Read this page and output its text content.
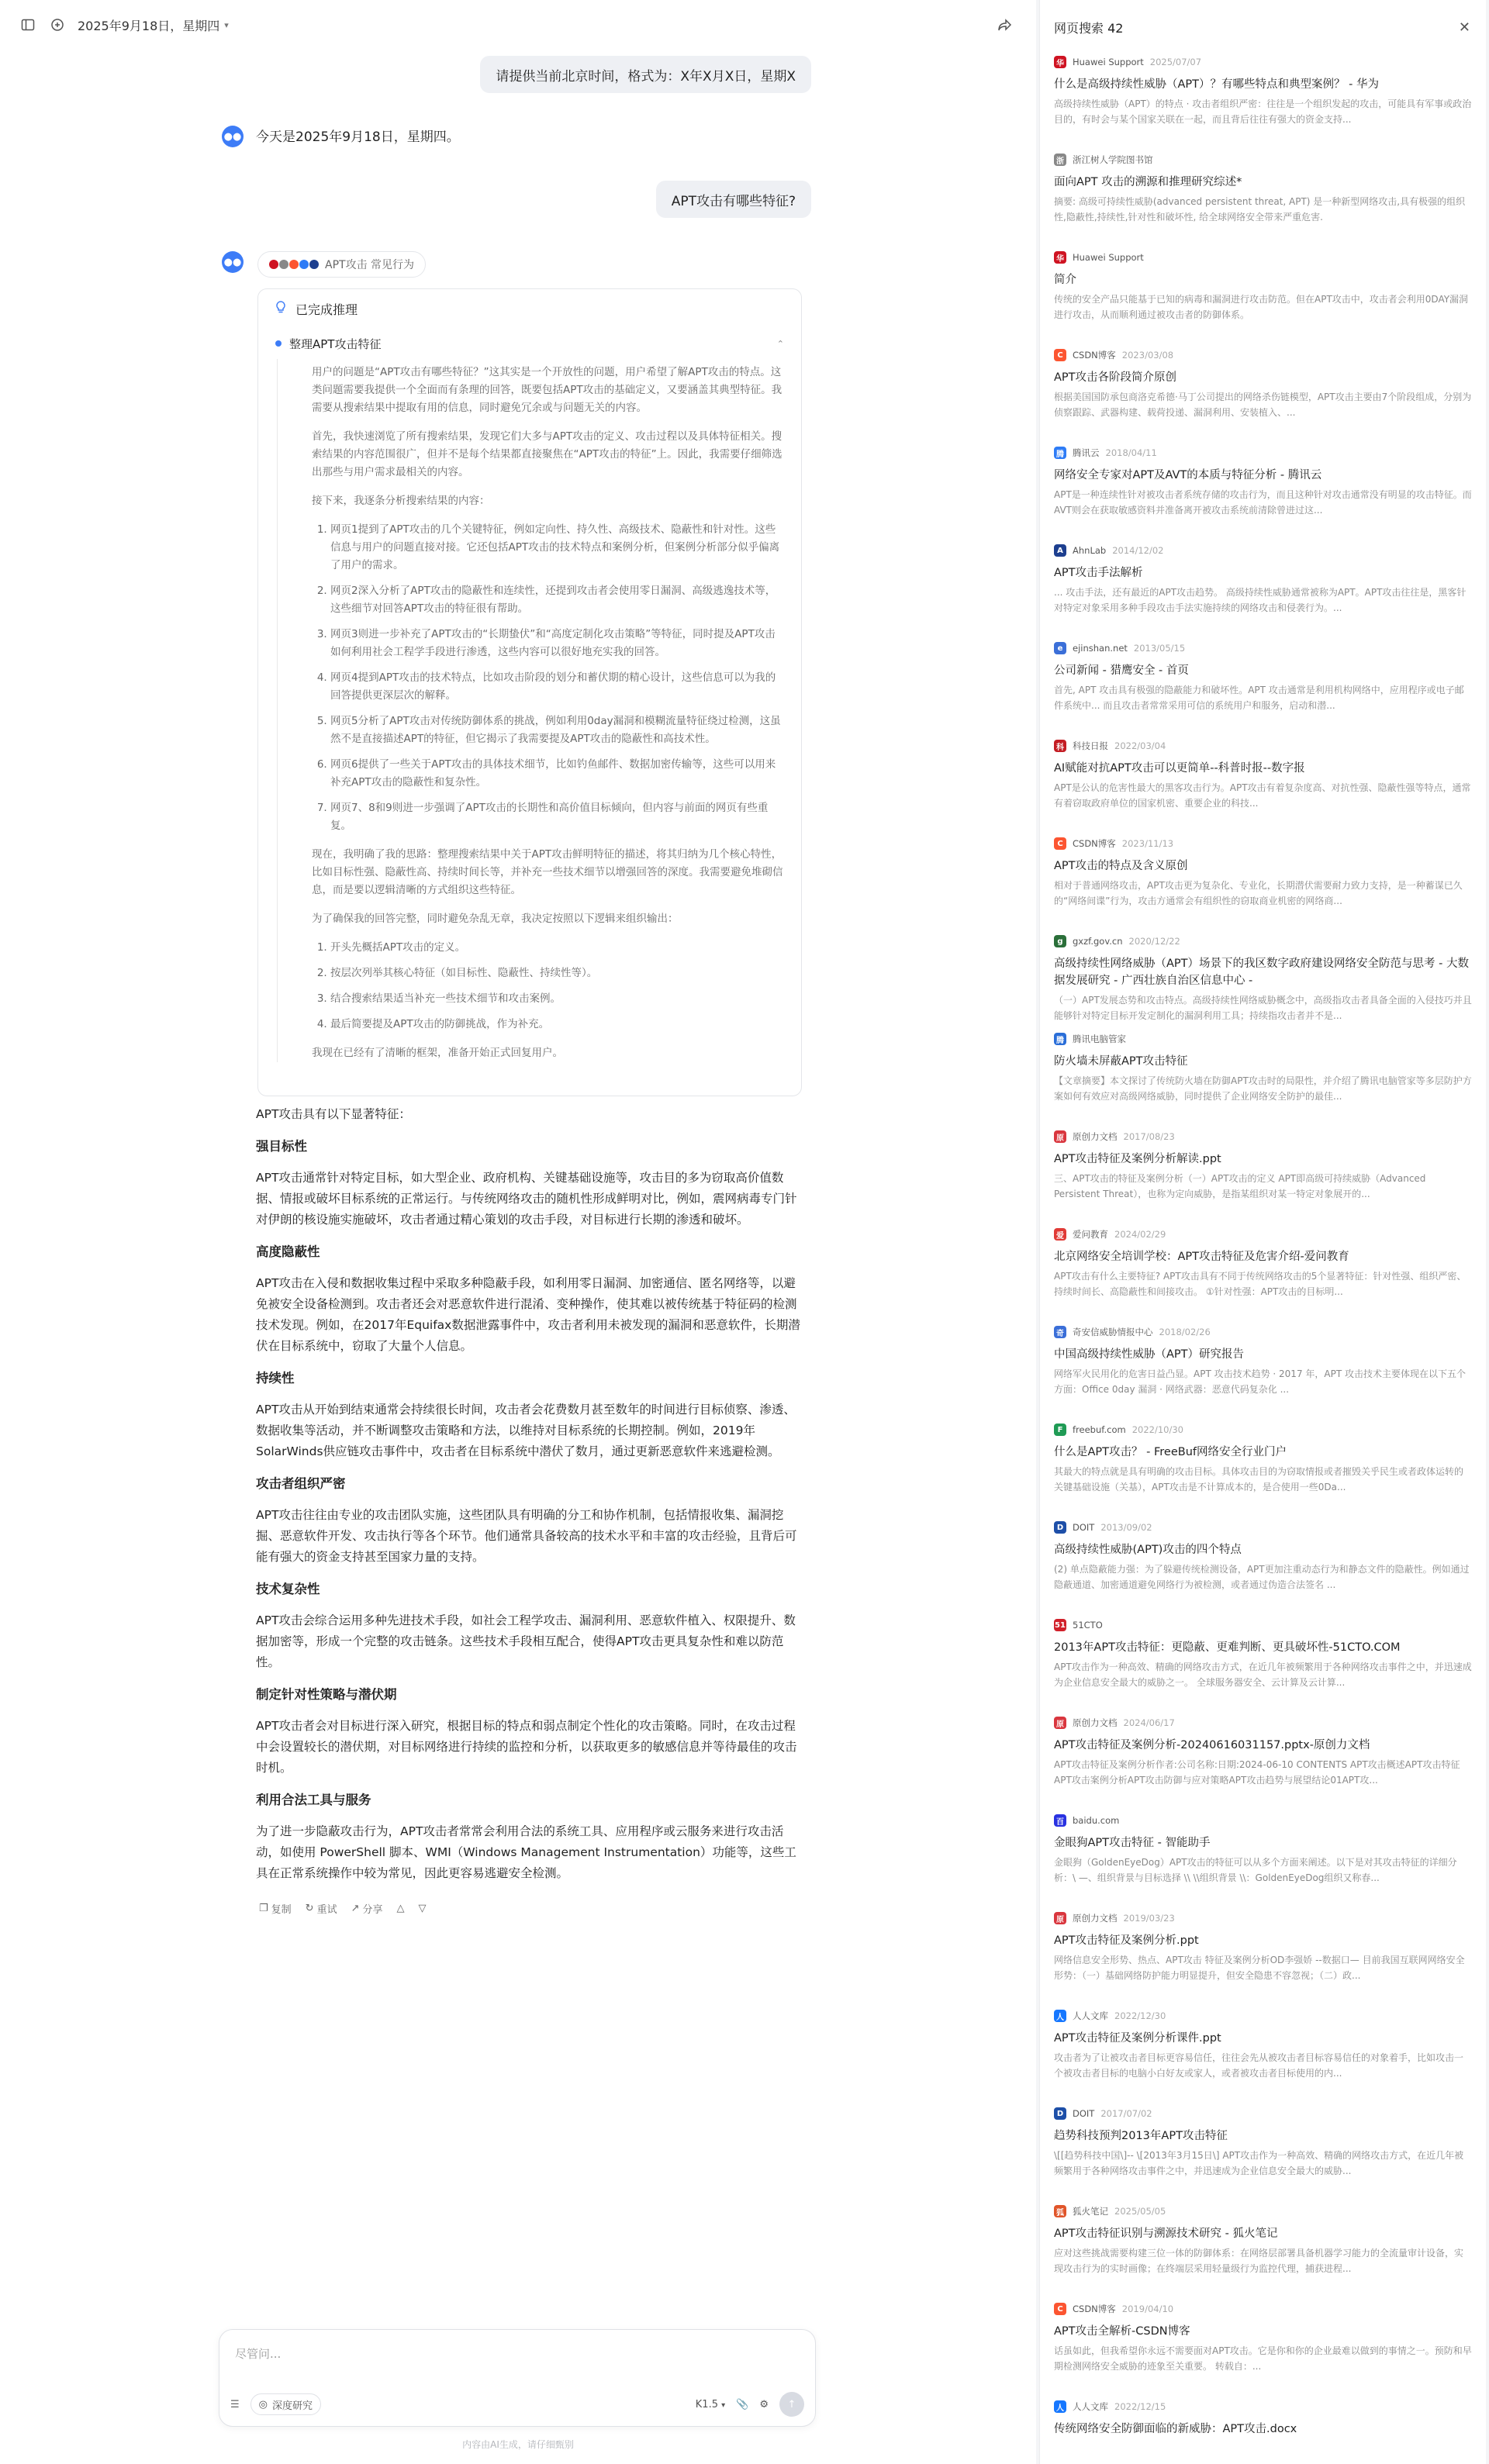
2025年9月18日，星期四 ▾
请提供当前北京时间，格式为：X年X月X日，星期X
●● 今天是2025年9月18日，星期四。
APT攻击有哪些特征?
●●	APT攻击 常见行为
已完成推理
整理APT攻击特征	⌃

用户的问题是“APT攻击有哪些特征？”这其实是一个开放性的问题，用户希望了解APT攻击的特点。这类问题需要我提供一个全面而有条理的回答，既要包括APT攻击的基础定义，又要涵盖其典型特征。我需要从搜索结果中提取有用的信息，同时避免冗余或与问题无关的内容。

首先，我快速浏览了所有搜索结果，发现它们大多与APT攻击的定义、攻击过程以及具体特征相关。搜索结果的内容范围很广，但并不是每个结果都直接聚焦在“APT攻击的特征”上。因此，我需要仔细筛选出那些与用户需求最相关的内容。

接下来，我逐条分析搜索结果的内容：

1. 网页1提到了APT攻击的几个关键特征，例如定向性、持久性、高级技术、隐蔽性和针对性。这些信息与用户的问题直接对接。它还包括APT攻击的技术特点和案例分析，但案例分析部分似乎偏离了用户的需求。
2. 网页2深入分析了APT攻击的隐蔽性和连续性，还提到攻击者会使用零日漏洞、高级逃逸技术等，这些细节对回答APT攻击的特征很有帮助。
3. 网页3则进一步补充了APT攻击的“长期蛰伏”和“高度定制化攻击策略”等特征，同时提及APT攻击如何利用社会工程学手段进行渗透，这些内容可以很好地充实我的回答。
4. 网页4提到APT攻击的技术特点，比如攻击阶段的划分和蓄伏期的精心设计，这些信息可以为我的回答提供更深层次的解释。
5. 网页5分析了APT攻击对传统防御体系的挑战，例如利用0day漏洞和模糊流量特征绕过检测，这虽然不是直接描述APT的特征，但它揭示了我需要提及APT攻击的隐蔽性和高技术性。
6. 网页6提供了一些关于APT攻击的具体技术细节，比如钓鱼邮件、数据加密传输等，这些可以用来补充APT攻击的隐蔽性和复杂性。
7. 网页7、8和9则进一步强调了APT攻击的长期性和高价值目标倾向，但内容与前面的网页有些重复。

现在，我明确了我的思路：整理搜索结果中关于APT攻击鲜明特征的描述，将其归纳为几个核心特性，比如目标性强、隐蔽性高、持续时间长等，并补充一些技术细节以增强回答的深度。我需要避免堆砌信息，而是要以逻辑清晰的方式组织这些特征。

为了确保我的回答完整，同时避免杂乱无章，我决定按照以下逻辑来组织输出：

1. 开头先概括APT攻击的定义。
2. 按层次列举其核心特征（如目标性、隐蔽性、持续性等）。
3. 结合搜索结果适当补充一些技术细节和攻击案例。
4. 最后简要提及APT攻击的防御挑战，作为补充。

我现在已经有了清晰的框架，准备开始正式回复用户。

APT攻击具有以下显著特征：

强目标性

APT攻击通常针对特定目标，如大型企业、政府机构、关键基础设施等，攻击目的多为窃取高价值数据、情报或破坏目标系统的正常运行。与传统网络攻击的随机性形成鲜明对比，例如，震网病毒专门针对伊朗的核设施实施破坏，攻击者通过精心策划的攻击手段，对目标进行长期的渗透和破坏。

高度隐蔽性

APT攻击在入侵和数据收集过程中采取多种隐蔽手段，如利用零日漏洞、加密通信、匿名网络等，以避免被安全设备检测到。攻击者还会对恶意软件进行混淆、变种操作，使其难以被传统基于特征码的检测技术发现。例如，在2017年Equifax数据泄露事件中，攻击者利用未被发现的漏洞和恶意软件，长期潜伏在目标系统中，窃取了大量个人信息。

持续性

APT攻击从开始到结束通常会持续很长时间，攻击者会花费数月甚至数年的时间进行目标侦察、渗透、数据收集等活动，并不断调整攻击策略和方法，以维持对目标系统的长期控制。例如，2019年SolarWinds供应链攻击事件中，攻击者在目标系统中潜伏了数月，通过更新恶意软件来逃避检测。

攻击者组织严密

APT攻击往往由专业的攻击团队实施，这些团队具有明确的分工和协作机制，包括情报收集、漏洞挖掘、恶意软件开发、攻击执行等各个环节。他们通常具备较高的技术水平和丰富的攻击经验，且背后可能有强大的资金支持甚至国家力量的支持。

技术复杂性

APT攻击会综合运用多种先进技术手段，如社会工程学攻击、漏洞利用、恶意软件植入、权限提升、数据加密等，形成一个完整的攻击链条。这些技术手段相互配合，使得APT攻击更具复杂性和难以防范性。

制定针对性策略与潜伏期

APT攻击者会对目标进行深入研究，根据目标的特点和弱点制定个性化的攻击策略。同时，在攻击过程中会设置较长的潜伏期，对目标网络进行持续的监控和分析，以获取更多的敏感信息并等待最佳的攻击时机。

利用合法工具与服务

为了进一步隐蔽攻击行为，APT攻击者常常会利用合法的系统工具、应用程序或云服务来进行攻击活动，如使用 PowerShell 脚本、WMI（Windows Management Instrumentation）功能等，这些工具在正常系统操作中较为常见，因此更容易逃避安全检测。

❐ 复制 ↻ 重试 ↗ 分享 △ ▽
尽管问...
☰ ◎ 深度研究	K1.5 ▾ 📎 ⚙ ↑
内容由AI生成，请仔细甄别
网页搜索 42	✕
华 Huawei Support 2025/07/07
什么是高级持续性威胁（APT）？有哪些特点和典型案例？ - 华为
高级持续性威胁（APT）的特点 · 攻击者组织严密：往往是一个组织发起的攻击，可能具有军事或政治目的，有时会与某个国家关联在一起，而且背后往往有强大的资金支持...
浙 浙江树人学院图书馆
面向APT 攻击的溯源和推理研究综述*
摘要: 高级可持续性威胁(advanced persistent threat, APT) 是一种新型网络攻击,具有极强的组织性,隐蔽性,持续性,针对性和破坏性, 给全球网络安全带来严重危害.
华 Huawei Support
简介
传统的安全产品只能基于已知的病毒和漏洞进行攻击防范。但在APT攻击中，攻击者会利用0DAY漏洞进行攻击，从而顺利通过被攻击者的防御体系。
C	CSDN博客 2023/03/08
APT攻击各阶段简介原创
根据美国国防承包商洛克希德·马丁公司提出的网络杀伤链模型，APT攻击主要由7个阶段组成，分别为侦察跟踪、武器构建、载荷投递、漏洞利用、安装植入、...
腾 腾讯云 2018/04/11
网络安全专家对APT及AVT的本质与特征分析 - 腾讯云
APT是一种连续性针对被攻击者系统存储的攻击行为，而且这种针对攻击通常没有明显的攻击特征。而AVT则会在获取敏感资料并准备离开被攻击系统前清除曾进过这...
A	AhnLab 2014/12/02
APT攻击手法解析
... 攻击手法，还有最近的APT攻击趋势。 高级持续性威胁通常被称为APT。APT攻击往往是，黑客针对特定对象采用多种手段攻击手法实施持续的网络攻击和侵袭行为。...
e	ejinshan.net 2013/05/15
公司新闻 - 猎鹰安全 - 首页
首先, APT 攻击具有极强的隐蔽能力和破坏性。APT 攻击通常是利用机构网络中，应用程序或电子邮件系统中... 而且攻击者常常采用可信的系统用户和服务，启动和潜...
科 科技日报 2022/03/04
AI赋能对抗APT攻击可以更简单--科普时报--数字报
APT是公认的危害性最大的黑客攻击行为。APT攻击有着复杂度高、对抗性强、隐蔽性强等特点，通常有着窃取政府单位的国家机密、重要企业的科技...
C	CSDN博客 2023/11/13
APT攻击的特点及含义原创
相对于普通网络攻击，APT攻击更为复杂化、专业化，长期潜伏需要耐力致力支持，是一种蓄谋已久的“网络间谍”行为，攻击方通常会有组织性的窃取商业机密的网络商...
g	gxzf.gov.cn 2020/12/22
高级持续性网络威胁（APT）场景下的我区数字政府建设网络安全防范与思考 - 大数据发展研究 - 广西壮族自治区信息中心 -
（一）APT发展态势和攻击特点。高级持续性网络威胁概念中，高级指攻击者具备全面的入侵技巧并且能够针对特定目标开发定制化的漏洞利用工具；持续指攻击者并不是...
腾 腾讯电脑管家
防火墙未屏蔽APT攻击特征
【文章摘要】本文探讨了传统防火墙在防御APT攻击时的局限性，并介绍了腾讯电脑管家等多层防护方案如何有效应对高级网络威胁，同时提供了企业网络安全防护的最佳...
原 原创力文档 2017/08/23
APT攻击特征及案例分析解读.ppt
三、APT攻击的特征及案例分析（一）APT攻击的定义 APT即高级可持续威胁（Advanced Persistent Threat），也称为定向威胁，是指某组织对某一特定对象展开的...
爱 爱问教育 2024/02/29
北京网络安全培训学校：APT攻击特征及危害介绍-爱问教育
APT攻击有什么主要特征? APT攻击具有不同于传统网络攻击的5个显著特征：针对性强、组织严密、持续时间长、高隐蔽性和间接攻击。 ①针对性强：APT攻击的目标明...
奇 奇安信威胁情报中心 2018/02/26
中国高级持续性威胁（APT）研究报告
网络军火民用化的危害日益凸显。APT 攻击技术趋势 · 2017 年，APT 攻击技术主要体现在以下五个方面：Office 0day 漏洞 · 网络武器：恶意代码复杂化 ...
F	freebuf.com 2022/10/30
什么是APT攻击？ - FreeBuf网络安全行业门户
其最大的特点就是具有明确的攻击目标。具体攻击目的为窃取情报或者摧毁关乎民生或者政体运转的关键基础设施（关基），APT攻击是不计算成本的，是合使用一些0Da...
D	DOIT 2013/09/02
高级持续性威胁(APT)攻击的四个特点
(2) 单点隐蔽能力强：为了躲避传统检测设备，APT更加注重动态行为和静态文件的隐蔽性。例如通过隐蔽通道、加密通道避免网络行为被检测，或者通过伪造合法签名 ...
51 51CTO
2013年APT攻击特征：更隐蔽、更难判断、更具破坏性-51CTO.COM
APT攻击作为一种高效、精确的网络攻击方式，在近几年被频繁用于各种网络攻击事件之中，并迅速成为企业信息安全最大的威胁之一。 全球服务器安全、云计算及云计算...
原 原创力文档 2024/06/17
APT攻击特征及案例分析-20240616031157.pptx-原创力文档
APT攻击特征及案例分析作者:公司名称:日期:2024-06-10 CONTENTS APT攻击概述APT攻击特征APT攻击案例分析APT攻击防御与应对策略APT攻击趋势与展望结论01APT攻...
百 baidu.com
金眼狗APT攻击特征 - 智能助手
金眼狗（GoldenEyeDog）APT攻击的特征可以从多个方面来阐述。以下是对其攻击特征的详细分析：\ —、组织背景与目标选择 \\ \\组织背景 \\：GoldenEyeDog组织又称春...
原 原创力文档 2019/03/23
APT攻击特征及案例分析.ppt
网络信息安全形势、热点、APT攻击 特征及案例分析OD李强娇 --数据口— 目前我国互联网网络安全形势：（一）基础网络防护能力明显提升，但安全隐患不容忽视；（二）政...
人 人人文库 2022/12/30
APT攻击特征及案例分析课件.ppt
攻击者为了让被攻击者目标更容易信任，往往会先从被攻击者目标容易信任的对象着手，比如攻击一个被攻击者目标的电脑小白好友或家人，或者被攻击者目标使用的内...
D	DOIT 2017/07/02
趋势科技预判2013年APT攻击特征
\[[趋势科技中国\]-- \[2013年3月15日\] APT攻击作为一种高效、精确的网络攻击方式，在近几年被频繁用于各种网络攻击事件之中，并迅速成为企业信息安全最大的威胁...
狐 狐火笔记 2025/05/05
APT攻击特征识别与溯源技术研究 - 狐火笔记
应对这些挑战需要构建三位一体的防御体系：在网络层部署具备机器学习能力的全流量审计设备，实现攻击行为的实时画像；在终端层采用轻量级行为监控代理，捕获进程...
C	CSDN博客 2019/04/10
APT攻击全解析-CSDN博客
话虽如此，但我希望你永远不需要面对APT攻击。它是你和你的企业最难以做到的事情之一。预防和早期检测网络安全威胁的迹象至关重要。 转载自：...
人 人人文库 2022/12/15
传统网络安全防御面临的新威胁：APT攻击.docx
